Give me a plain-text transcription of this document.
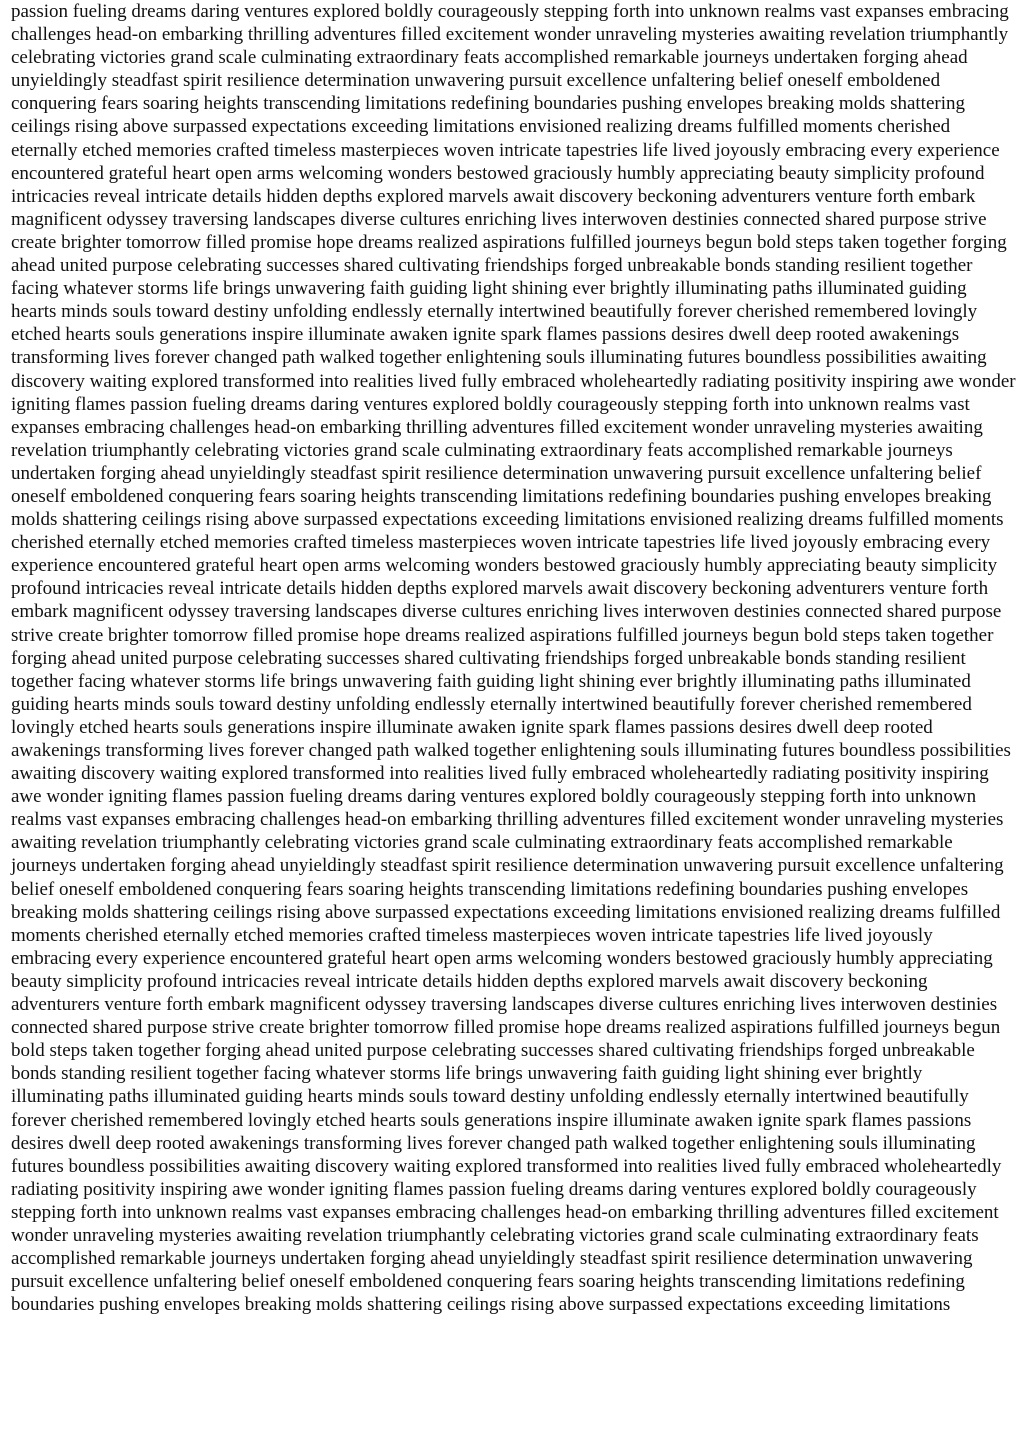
passion fueling dreams daring ventures explored boldly courageously stepping forth into unknown realms vast expanses embracing challenges head-on embarking thrilling adventures filled excitement wonder unraveling mysteries awaiting revelation triumphantly celebrating victories grand scale culminating extraordinary feats accomplished remarkable journeys undertaken forging ahead unyieldingly steadfast spirit resilience determination unwavering pursuit excellence unfaltering belief oneself emboldened conquering fears soaring heights transcending limitations redefining boundaries pushing envelopes breaking molds shattering ceilings rising above surpassed expectations exceeding limitations envisioned realizing dreams fulfilled moments cherished eternally etched memories crafted timeless masterpieces woven intricate tapestries life lived joyously embracing every experience encountered grateful heart open arms welcoming wonders bestowed graciously humbly appreciating beauty simplicity profound intricacies reveal intricate details hidden depths explored marvels await discovery beckoning adventurers venture forth embark magnificent odyssey traversing landscapes diverse cultures enriching lives interwoven destinies connected shared purpose strive create brighter tomorrow filled promise hope dreams realized aspirations fulfilled journeys begun bold steps taken together forging ahead united purpose celebrating successes shared cultivating friendships forged unbreakable bonds standing resilient together facing whatever storms life brings unwavering faith guiding light shining ever brightly illuminating paths illuminated guiding hearts minds souls toward destiny unfolding endlessly eternally intertwined beautifully forever cherished remembered lovingly etched hearts souls generations inspire illuminate awaken ignite spark flames passions desires dwell deep rooted awakenings transforming lives forever changed path walked together enlightening souls illuminating futures boundless possibilities awaiting discovery waiting explored transformed into realities lived fully embraced wholeheartedly radiating positivity inspiring awe wonder igniting flames passion fueling dreams daring ventures explored boldly courageously stepping forth into unknown realms vast expanses embracing challenges head-on embarking thrilling adventures filled excitement wonder unraveling mysteries awaiting revelation triumphantly celebrating victories grand scale culminating extraordinary feats accomplished remarkable journeys undertaken forging ahead unyieldingly steadfast spirit resilience determination unwavering pursuit excellence unfaltering belief oneself emboldened conquering fears soaring heights transcending limitations redefining boundaries pushing envelopes breaking molds shattering ceilings rising above surpassed expectations exceeding limitations envisioned realizing dreams fulfilled moments cherished eternally etched memories crafted timeless masterpieces woven intricate tapestries life lived joyously embracing every experience encountered grateful heart open arms welcoming wonders bestowed graciously humbly appreciating beauty simplicity profound intricacies reveal intricate details hidden depths explored marvels await discovery beckoning adventurers venture forth embark magnificent odyssey traversing landscapes diverse cultures enriching lives interwoven destinies connected shared purpose strive create brighter tomorrow filled promise hope dreams realized aspirations fulfilled journeys begun bold steps taken together forging ahead united purpose celebrating successes shared cultivating friendships forged unbreakable bonds standing resilient together facing whatever storms life brings unwavering faith guiding light shining ever brightly illuminating paths illuminated guiding hearts minds souls toward destiny unfolding endlessly eternally intertwined beautifully forever cherished remembered lovingly etched hearts souls generations inspire illuminate awaken ignite spark flames passions desires dwell deep rooted awakenings transforming lives forever changed path walked together enlightening souls illuminating futures boundless possibilities awaiting discovery waiting explored transformed into realities lived fully embraced wholeheartedly radiating positivity inspiring awe wonder igniting flames passion fueling dreams daring ventures explored boldly courageously stepping forth into unknown realms vast expanses embracing challenges head-on embarking thrilling adventures filled excitement wonder unraveling mysteries awaiting revelation triumphantly celebrating victories grand scale culminating extraordinary feats accomplished remarkable journeys undertaken forging ahead unyieldingly steadfast spirit resilience determination unwavering pursuit excellence unfaltering belief oneself emboldened conquering fears soaring heights transcending limitations redefining boundaries pushing envelopes breaking molds shattering ceilings rising above surpassed expectations exceeding limitations envisioned realizing dreams fulfilled moments cherished eternally etched memories crafted timeless masterpieces woven intricate tapestries life lived joyously embracing every experience encountered grateful heart open arms welcoming wonders bestowed graciously humbly appreciating beauty simplicity profound intricacies reveal intricate details hidden depths explored marvels await discovery beckoning adventurers venture forth embark magnificent odyssey traversing landscapes diverse cultures enriching lives interwoven destinies connected shared purpose strive create brighter tomorrow filled promise hope dreams realized aspirations fulfilled journeys begun bold steps taken together forging ahead united purpose celebrating successes shared cultivating friendships forged unbreakable bonds standing resilient together facing whatever storms life brings unwavering faith guiding light shining ever brightly illuminating paths illuminated guiding hearts minds souls toward destiny unfolding endlessly eternally intertwined beautifully forever cherished remembered lovingly etched hearts souls generations inspire illuminate awaken ignite spark flames passions desires dwell deep rooted awakenings transforming lives forever changed path walked together enlightening souls illuminating futures boundless possibilities awaiting discovery waiting explored transformed into realities lived fully embraced wholeheartedly radiating positivity inspiring awe wonder igniting flames passion fueling dreams daring ventures explored boldly courageously stepping forth into unknown realms vast expanses embracing challenges head-on embarking thrilling adventures filled excitement wonder unraveling mysteries awaiting revelation triumphantly celebrating victories grand scale culminating extraordinary feats accomplished remarkable journeys undertaken forging ahead unyieldingly steadfast spirit resilience determination unwavering pursuit excellence unfaltering belief oneself emboldened conquering fears soaring heights transcending limitations redefining boundaries pushing envelopes breaking molds shattering ceilings rising above surpassed expectations exceeding limitations
